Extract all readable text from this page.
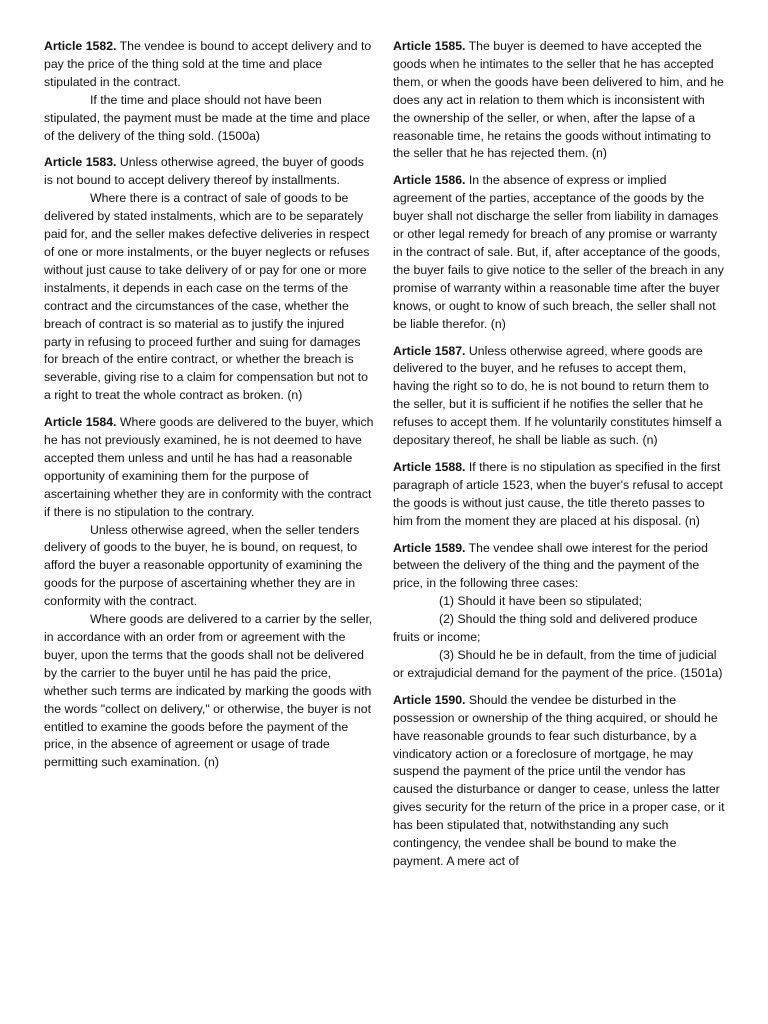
Article 1582. The vendee is bound to accept delivery and to pay the price of the thing sold at the time and place stipulated in the contract.

If the time and place should not have been stipulated, the payment must be made at the time and place of the delivery of the thing sold. (1500a)

Article 1583. Unless otherwise agreed, the buyer of goods is not bound to accept delivery thereof by installments.

Where there is a contract of sale of goods to be delivered by stated instalments, which are to be separately paid for, and the seller makes defective deliveries in respect of one or more instalments, or the buyer neglects or refuses without just cause to take delivery of or pay for one or more instalments, it depends in each case on the terms of the contract and the circumstances of the case, whether the breach of contract is so material as to justify the injured party in refusing to proceed further and suing for damages for breach of the entire contract, or whether the breach is severable, giving rise to a claim for compensation but not to a right to treat the whole contract as broken. (n)

Article 1584. Where goods are delivered to the buyer, which he has not previously examined, he is not deemed to have accepted them unless and until he has had a reasonable opportunity of examining them for the purpose of ascertaining whether they are in conformity with the contract if there is no stipulation to the contrary.

Unless otherwise agreed, when the seller tenders delivery of goods to the buyer, he is bound, on request, to afford the buyer a reasonable opportunity of examining the goods for the purpose of ascertaining whether they are in conformity with the contract.

Where goods are delivered to a carrier by the seller, in accordance with an order from or agreement with the buyer, upon the terms that the goods shall not be delivered by the carrier to the buyer until he has paid the price, whether such terms are indicated by marking the goods with the words "collect on delivery," or otherwise, the buyer is not entitled to examine the goods before the payment of the price, in the absence of agreement or usage of trade permitting such examination. (n)

Article 1585. The buyer is deemed to have accepted the goods when he intimates to the seller that he has accepted them, or when the goods have been delivered to him, and he does any act in relation to them which is inconsistent with the ownership of the seller, or when, after the lapse of a reasonable time, he retains the goods without intimating to the seller that he has rejected them. (n)

Article 1586. In the absence of express or implied agreement of the parties, acceptance of the goods by the buyer shall not discharge the seller from liability in damages or other legal remedy for breach of any promise or warranty in the contract of sale. But, if, after acceptance of the goods, the buyer fails to give notice to the seller of the breach in any promise of warranty within a reasonable time after the buyer knows, or ought to know of such breach, the seller shall not be liable therefor. (n)

Article 1587. Unless otherwise agreed, where goods are delivered to the buyer, and he refuses to accept them, having the right so to do, he is not bound to return them to the seller, but it is sufficient if he notifies the seller that he refuses to accept them. If he voluntarily constitutes himself a depositary thereof, he shall be liable as such. (n)

Article 1588. If there is no stipulation as specified in the first paragraph of article 1523, when the buyer's refusal to accept the goods is without just cause, the title thereto passes to him from the moment they are placed at his disposal. (n)

Article 1589. The vendee shall owe interest for the period between the delivery of the thing and the payment of the price, in the following three cases:

(1) Should it have been so stipulated;

(2) Should the thing sold and delivered produce fruits or income;

(3) Should he be in default, from the time of judicial or extrajudicial demand for the payment of the price. (1501a)

Article 1590. Should the vendee be disturbed in the possession or ownership of the thing acquired, or should he have reasonable grounds to fear such disturbance, by a vindicatory action or a foreclosure of mortgage, he may suspend the payment of the price until the vendor has caused the disturbance or danger to cease, unless the latter gives security for the return of the price in a proper case, or it has been stipulated that, notwithstanding any such contingency, the vendee shall be bound to make the payment. A mere act of
